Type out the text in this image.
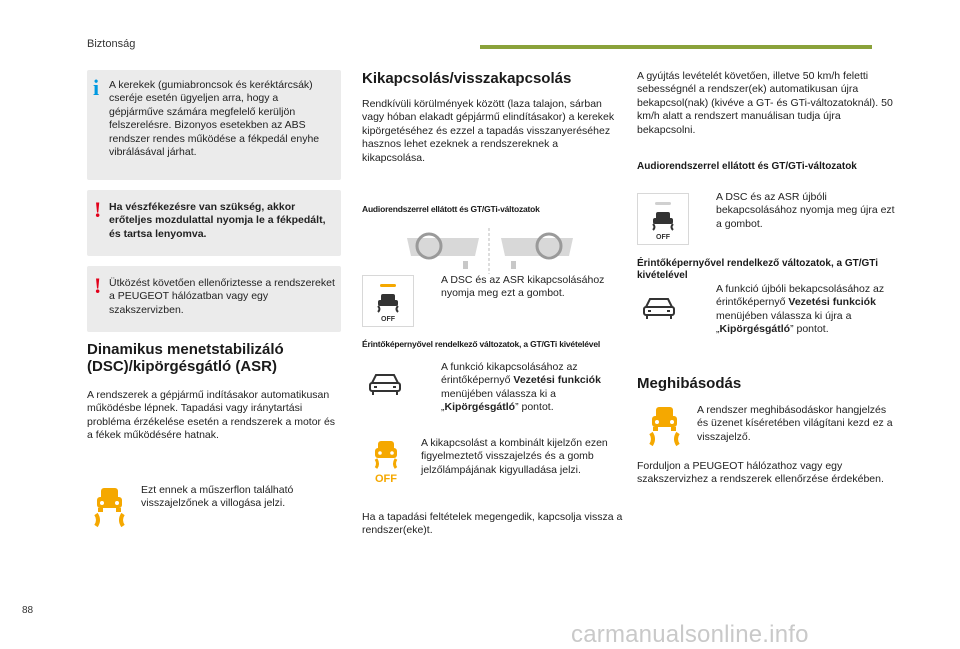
Biztonság
i A kerekek (gumiabroncsok és keréktárcsák) cseréje esetén ügyeljen arra, hogy a gépjárműve számára megfelelő kerüljön felszerelésre. Bizonyos esetekben az ABS rendszer rendes működése a fékpedál enyhe vibrálásával járhat.

! Ha vészfékezésre van szükség, akkor erőteljes mozdulattal nyomja le a fékpedált, és tartsa lenyomva.

! Ütközést követően ellenőriztesse a rendszereket a PEUGEOT hálózatban vagy egy szakszervizben.

Dinamikus menetstabilizáló (DSC)/kipörgésgátló (ASR)

A rendszerek a gépjármű indításakor automatikusan működésbe lépnek. Tapadási vagy iránytartási probléma érzékelése esetén a rendszerek a motor és a fékek működésére hatnak.

Ezt ennek a műszerflon található visszajelzőnek a villogása jelzi.

Kikapcsolás/visszakapcsolás

Rendkívüli körülmények között (laza talajon, sárban vagy hóban elakadt gépjármű elindításakor) a kerekek kipörgetéséhez és ezzel a tapadás visszanyeréséhez hasznos lehet ezeknek a rendszereknek a kikapcsolása.

Audiorendszerrel ellátott és GT/GTi-változatok
OFF

A DSC és az ASR kikapcsolásához nyomja meg ezt a gombot.

Érintőképernyővel rendelkező változatok, a GT/GTi kivételével

A funkció kikapcsolásához az érintőképernyő Vezetési funkciók menüjében válassza ki a „Kipörgésgátló” pontot.

OFF

A kikapcsolást a kombinált kijelzőn ezen figyelmeztető visszajelzés és a gomb jelzőlámpájának kigyulladása jelzi.

Ha a tapadási feltételek megengedik, kapcsolja vissza a rendszer(eke)t.

A gyújtás levételét követően, illetve 50 km/h feletti sebességnél a rendszer(ek) automatikusan újra bekapcsol(nak) (kivéve a GT- és GTi-változatoknál). 50 km/h alatt a rendszert manuálisan tudja újra bekapcsolni.

Audiorendszerrel ellátott és GT/GTi-változatok
OFF

A DSC és az ASR újbóli bekapcsolásához nyomja meg újra ezt a gombot.

Érintőképernyővel rendelkező változatok, a GT/GTi kivételével

A funkció újbóli bekapcsolásához az érintőképernyő Vezetési funkciók menüjében válassza ki újra a „Kipörgésgátló” pontot.

Meghibásodás

A rendszer meghibásodáskor hangjelzés és üzenet kíséretében világítani kezd ez a visszajelző.

Forduljon a PEUGEOT hálózathoz vagy egy szakszervizhez a rendszerek ellenőrzése érdekében.

88
carmanualsonline.info
